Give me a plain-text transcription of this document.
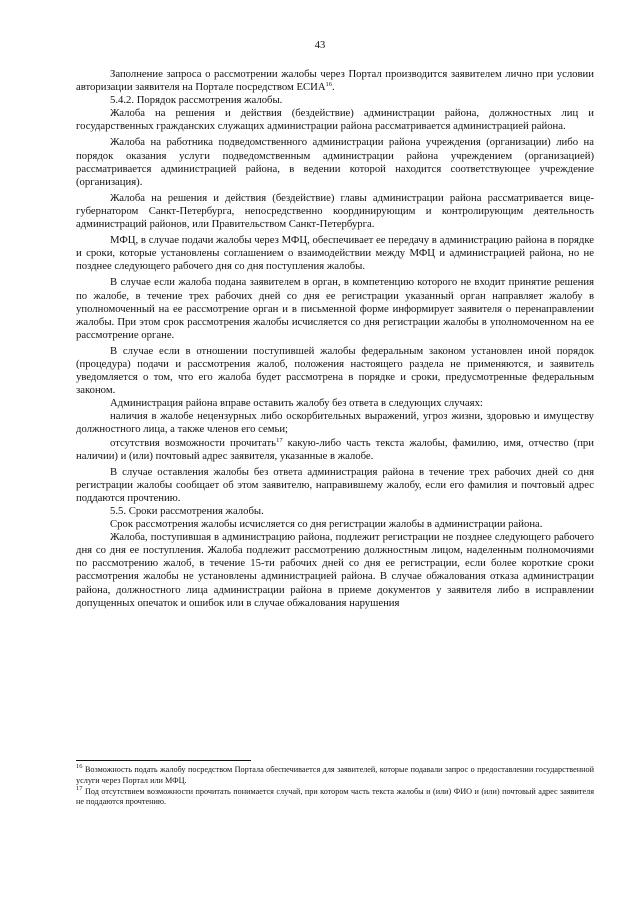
43

Заполнение запроса о рассмотрении жалобы через Портал производится заявителем лично при условии авторизации заявителя на Портале посредством ЕСИА$^{16}$.

5.4.2. Порядок рассмотрения жалобы.

Жалоба на решения и действия (бездействие) администрации района, должностных лиц и государственных гражданских служащих администрации района рассматривается администрацией района.

Жалоба на работника подведомственного администрации района учреждения (организации) либо на порядок оказания услуги подведомственным администрации района учреждением (организацией) рассматривается администрацией района, в ведении которой находится соответствующее учреждение (организация).

Жалоба на решения и действия (бездействие) главы администрации района рассматривается вице-губернатором Санкт-Петербурга, непосредственно координирующим и контролирующим деятельность администраций районов, или Правительством Санкт-Петербурга.

МФЦ, в случае подачи жалобы через МФЦ, обеспечивает ее передачу в администрацию района в порядке и сроки, которые установлены соглашением о взаимодействии между МФЦ и администрацией района, но не позднее следующего рабочего дня со дня поступления жалобы.

В случае если жалоба подана заявителем в орган, в компетенцию которого не входит принятие решения по жалобе, в течение трех рабочих дней со дня ее регистрации указанный орган направляет жалобу в уполномоченный на ее рассмотрение орган и в письменной форме информирует заявителя о перенаправлении жалобы. При этом срок рассмотрения жалобы исчисляется со дня регистрации жалобы в уполномоченном на ее рассмотрение органе.

В случае если в отношении поступившей жалобы федеральным законом установлен иной порядок (процедура) подачи и рассмотрения жалоб, положения настоящего раздела не применяются, и заявитель уведомляется о том, что его жалоба будет рассмотрена в порядке и сроки, предусмотренные федеральным законом.

Администрация района вправе оставить жалобу без ответа в следующих случаях:

наличия в жалобе нецензурных либо оскорбительных выражений, угроз жизни, здоровью и имуществу должностного лица, а также членов его семьи;

отсутствия возможности прочитать$^{17}$ какую-либо часть текста жалобы, фамилию, имя, отчество (при наличии) и (или) почтовый адрес заявителя, указанные в жалобе.

В случае оставления жалобы без ответа администрация района в течение трех рабочих дней со дня регистрации жалобы сообщает об этом заявителю, направившему жалобу, если его фамилия и почтовый адрес поддаются прочтению.

5.5. Сроки рассмотрения жалобы.

Срок рассмотрения жалобы исчисляется со дня регистрации жалобы в администрации района.

Жалоба, поступившая в администрацию района, подлежит регистрации не позднее следующего рабочего дня со дня ее поступления. Жалоба подлежит рассмотрению должностным лицом, наделенным полномочиями по рассмотрению жалоб, в течение 15-ти рабочих дней со дня ее регистрации, если более короткие сроки рассмотрения жалобы не установлены администрацией района. В случае обжалования отказа администрации района, должностного лица администрации района в приеме документов у заявителя либо в исправлении допущенных опечаток и ошибок или в случае обжалования нарушения

$^{16}$ Возможность подать жалобу посредством Портала обеспечивается для заявителей, которые подавали запрос о предоставлении государственной услуги через Портал или МФЦ.

$^{17}$ Под отсутствием возможности прочитать понимается случай, при котором часть текста жалобы и (или) ФИО и (или) почтовый адрес заявителя не поддаются прочтению.
